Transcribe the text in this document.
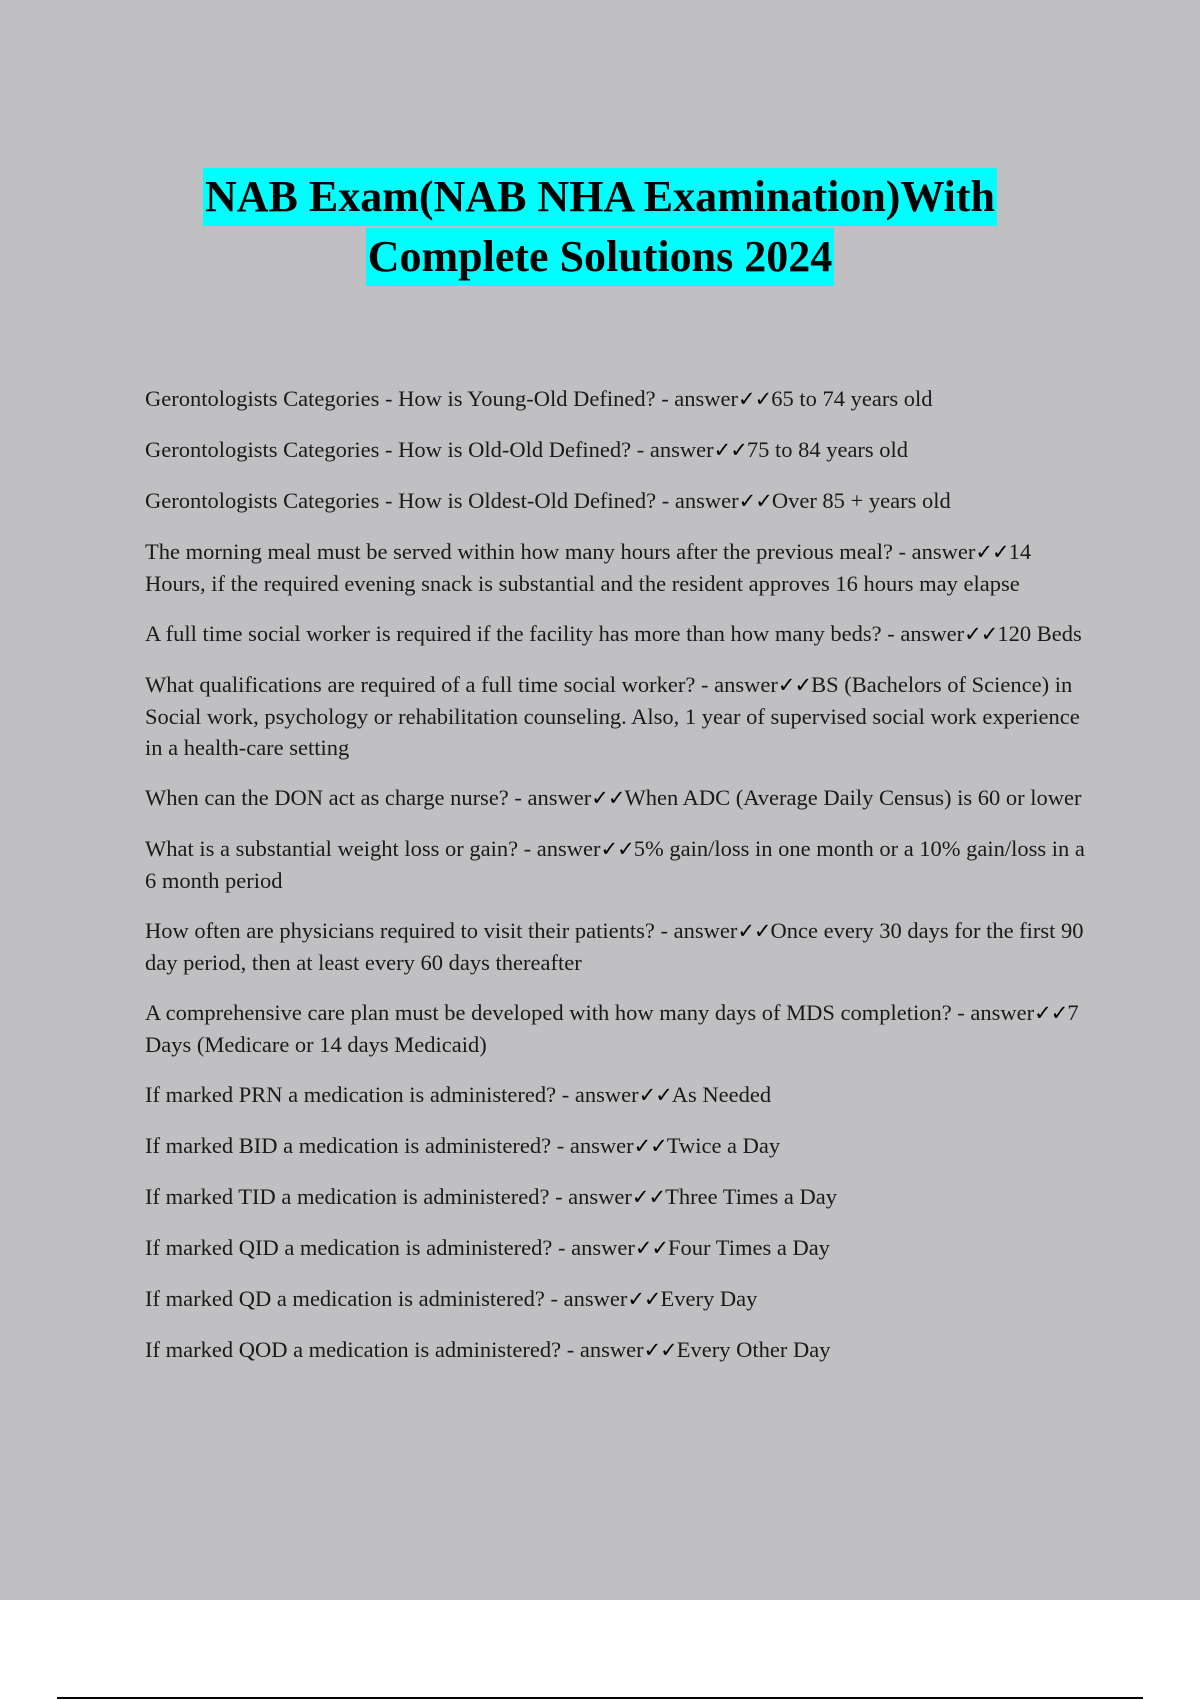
NAB Exam(NAB NHA Examination)With
Complete Solutions 2024
Gerontologists Categories - How is Young-Old Defined? - answer✓✓65 to 74 years old
Gerontologists Categories - How is Old-Old Defined? - answer✓✓75 to 84 years old
Gerontologists Categories - How is Oldest-Old Defined? - answer✓✓Over 85 + years old
The morning meal must be served within how many hours after the previous meal? - answer✓✓14 Hours, if the required evening snack is substantial and the resident approves 16 hours may elapse
A full time social worker is required if the facility has more than how many beds? - answer✓✓120 Beds
What qualifications are required of a full time social worker? - answer✓✓BS (Bachelors of Science) in Social work, psychology or rehabilitation counseling. Also, 1 year of supervised social work experience in a health-care setting
When can the DON act as charge nurse? - answer✓✓When ADC (Average Daily Census) is 60 or lower
What is a substantial weight loss or gain? - answer✓✓5% gain/loss in one month or a 10% gain/loss in a 6 month period
How often are physicians required to visit their patients? - answer✓✓Once every 30 days for the first 90 day period, then at least every 60 days thereafter
A comprehensive care plan must be developed with how many days of MDS completion? - answer✓✓7 Days (Medicare or 14 days Medicaid)
If marked PRN a medication is administered? - answer✓✓As Needed
If marked BID a medication is administered? - answer✓✓Twice a Day
If marked TID a medication is administered? - answer✓✓Three Times a Day
If marked QID a medication is administered? - answer✓✓Four Times a Day
If marked QD a medication is administered? - answer✓✓Every Day
If marked QOD a medication is administered? - answer✓✓Every Other Day
